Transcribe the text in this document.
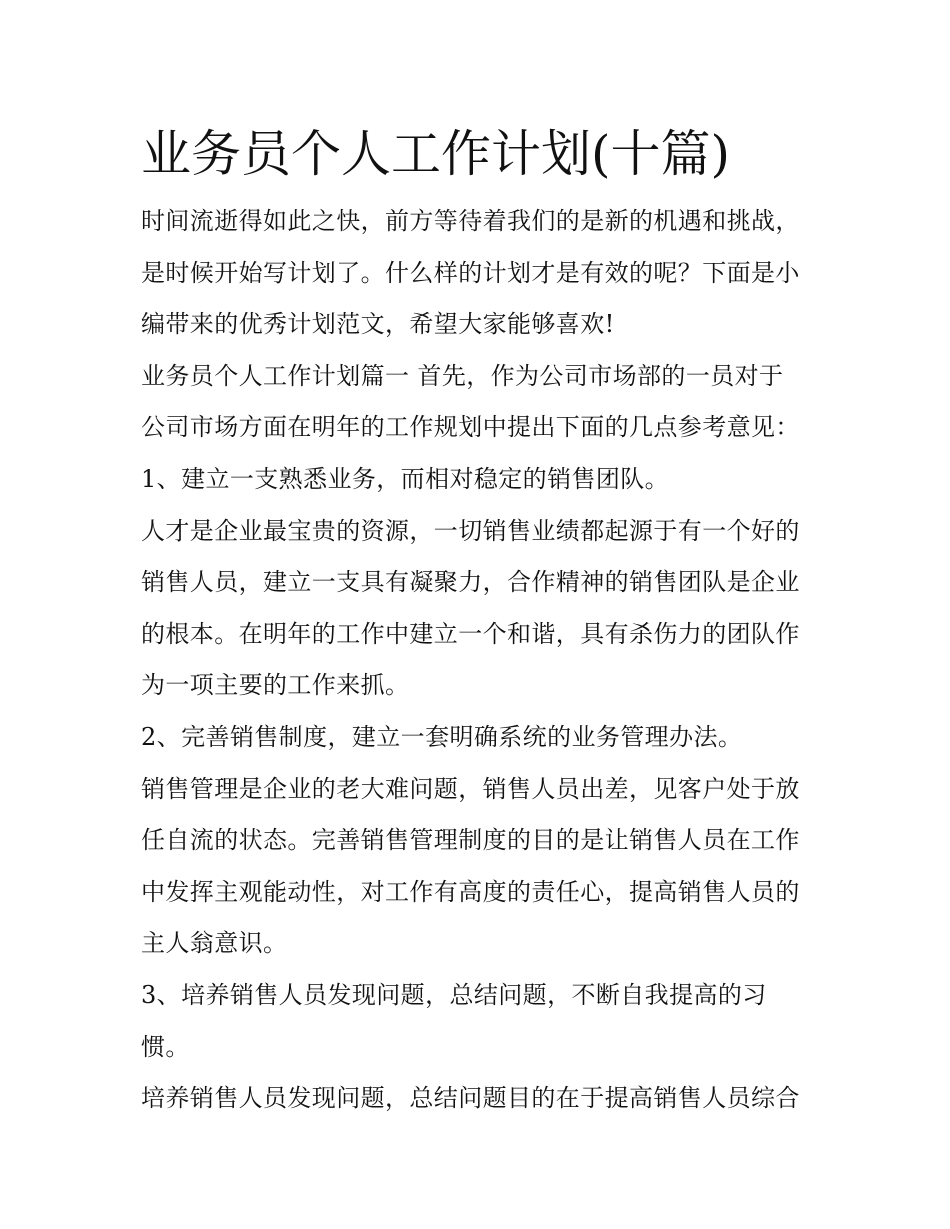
业务员个人工作计划(十篇)

时间流逝得如此之快，前方等待着我们的是新的机遇和挑战，
是时候开始写计划了。什么样的计划才是有效的呢？下面是小
编带来的优秀计划范文，希望大家能够喜欢!

业务员个人工作计划篇一 首先，作为公司市场部的一员对于
公司市场方面在明年的工作规划中提出下面的几点参考意见：

1、建立一支熟悉业务，而相对稳定的销售团队。

人才是企业最宝贵的资源，一切销售业绩都起源于有一个好的
销售人员，建立一支具有凝聚力，合作精神的销售团队是企业
的根本。在明年的工作中建立一个和谐，具有杀伤力的团队作
为一项主要的工作来抓。

2、完善销售制度，建立一套明确系统的业务管理办法。

销售管理是企业的老大难问题，销售人员出差，见客户处于放
任自流的状态。完善销售管理制度的目的是让销售人员在工作
中发挥主观能动性，对工作有高度的责任心，提高销售人员的
主人翁意识。

3、培养销售人员发现问题，总结问题，不断自我提高的习
惯。

培养销售人员发现问题，总结问题目的在于提高销售人员综合
